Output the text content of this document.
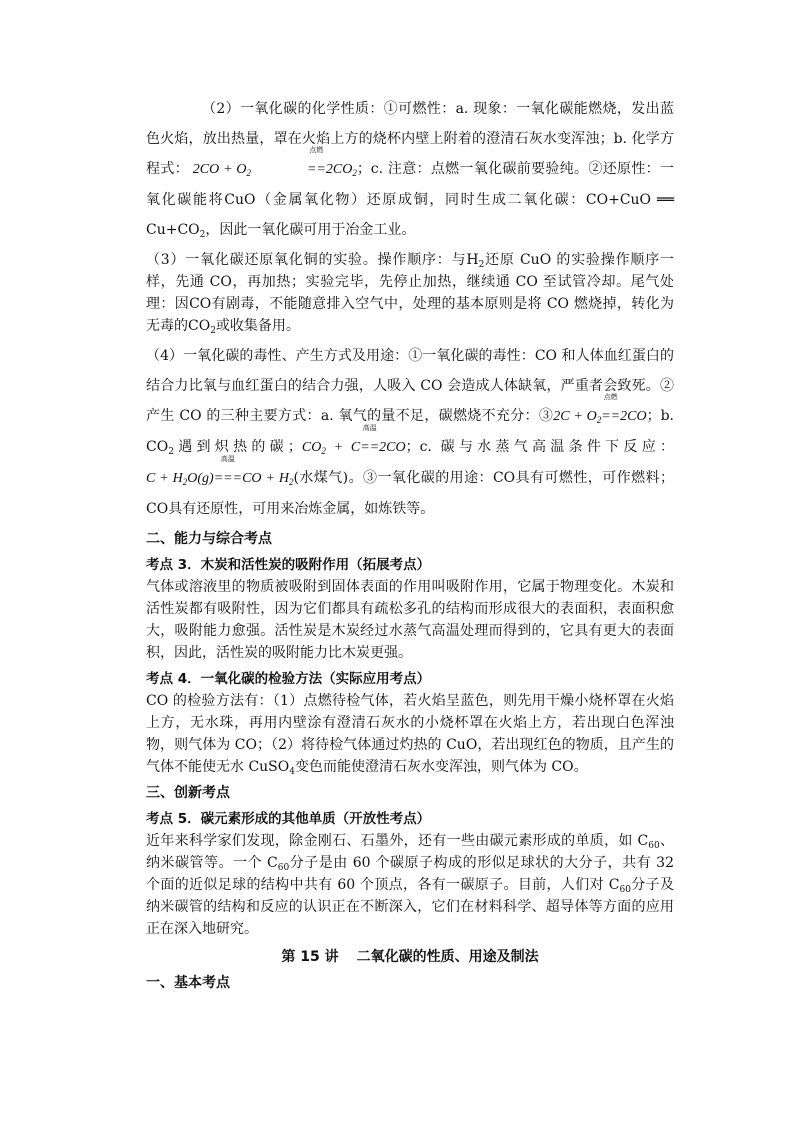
（2）一氧化碳的化学性质：①可燃性：a. 现象：一氧化碳能燃烧，发出蓝色火焰，放出热量，罩在火焰上方的烧杯内壁上附着的澄清石灰水变浑浊；b. 化学方程式： $2CO + O_2$
点燃
$==2CO_2$；c. 注意：点燃一氧化碳前要验纯。②还原性：一氧化碳能将CuO（金属氧化物）还原成铜，同时生成二氧化碳：CO+CuO ══ $Cu+CO_2$，因此一氧化碳可用于冶金工业。

（3）一氧化碳还原氧化铜的实验。操作顺序：与$H_2$还原 CuO 的实验操作顺序一样，先通 CO，再加热；实验完毕，先停止加热，继续通 CO 至试管冷却。尾气处理：因CO有剧毒，不能随意排入空气中，处理的基本原则是将 CO 燃烧掉，转化为无毒的$CO_2$或收集备用。

（4）一氧化碳的毒性、产生方式及用途：①一氧化碳的毒性：CO 和人体血红蛋白的结合力比氧与血红蛋白的结合力强，人吸入 CO 会造成人体缺氧，严重者会致死。②产生 CO 的三种主要方式：a. 氧气的量不足，碳燃烧不充分：③2C + $O_2$
点燃
==2CO；b. $CO_2$遇到炽热的碳；$CO_2 + C$
高温
==2CO；c. 碳与水蒸气高温条件下反应：$C + H_2O(g)$
高温
$===CO + H_2$(水煤气)。③一氧化碳的用途：CO具有可燃性，可作燃料；CO具有还原性，可用来冶炼金属，如炼铁等。

二、能力与综合考点

考点 3．木炭和活性炭的吸附作用（拓展考点）

气体或溶液里的物质被吸附到固体表面的作用叫吸附作用，它属于物理变化。木炭和活性炭都有吸附性，因为它们都具有疏松多孔的结构而形成很大的表面积，表面积愈大，吸附能力愈强。活性炭是木炭经过水蒸气高温处理而得到的，它具有更大的表面积，因此，活性炭的吸附能力比木炭更强。

考点 4．一氧化碳的检验方法（实际应用考点）

CO 的检验方法有：（1）点燃待检气体，若火焰呈蓝色，则先用干燥小烧杯罩在火焰上方，无水珠，再用内壁涂有澄清石灰水的小烧杯罩在火焰上方，若出现白色浑浊物，则气体为 CO；（2）将待检气体通过灼热的 CuO，若出现红色的物质，且产生的气体不能使无水 CuSO$_4$变色而能使澄清石灰水变浑浊，则气体为 CO。

三、创新考点

考点 5．碳元素形成的其他单质（开放性考点）

近年来科学家们发现，除金刚石、石墨外，还有一些由碳元素形成的单质，如 $C_{60}$、纳米碳管等。一个 $C_{60}$分子是由 60 个碳原子构成的形似足球状的大分子，共有 32 个面的近似足球的结构中共有 60 个顶点，各有一碳原子。目前，人们对 $C_{60}$分子及纳米碳管的结构和反应的认识正在不断深入，它们在材料科学、超导体等方面的应用正在深入地研究。

第 15 讲 二氧化碳的性质、用途及制法

一、基本考点
